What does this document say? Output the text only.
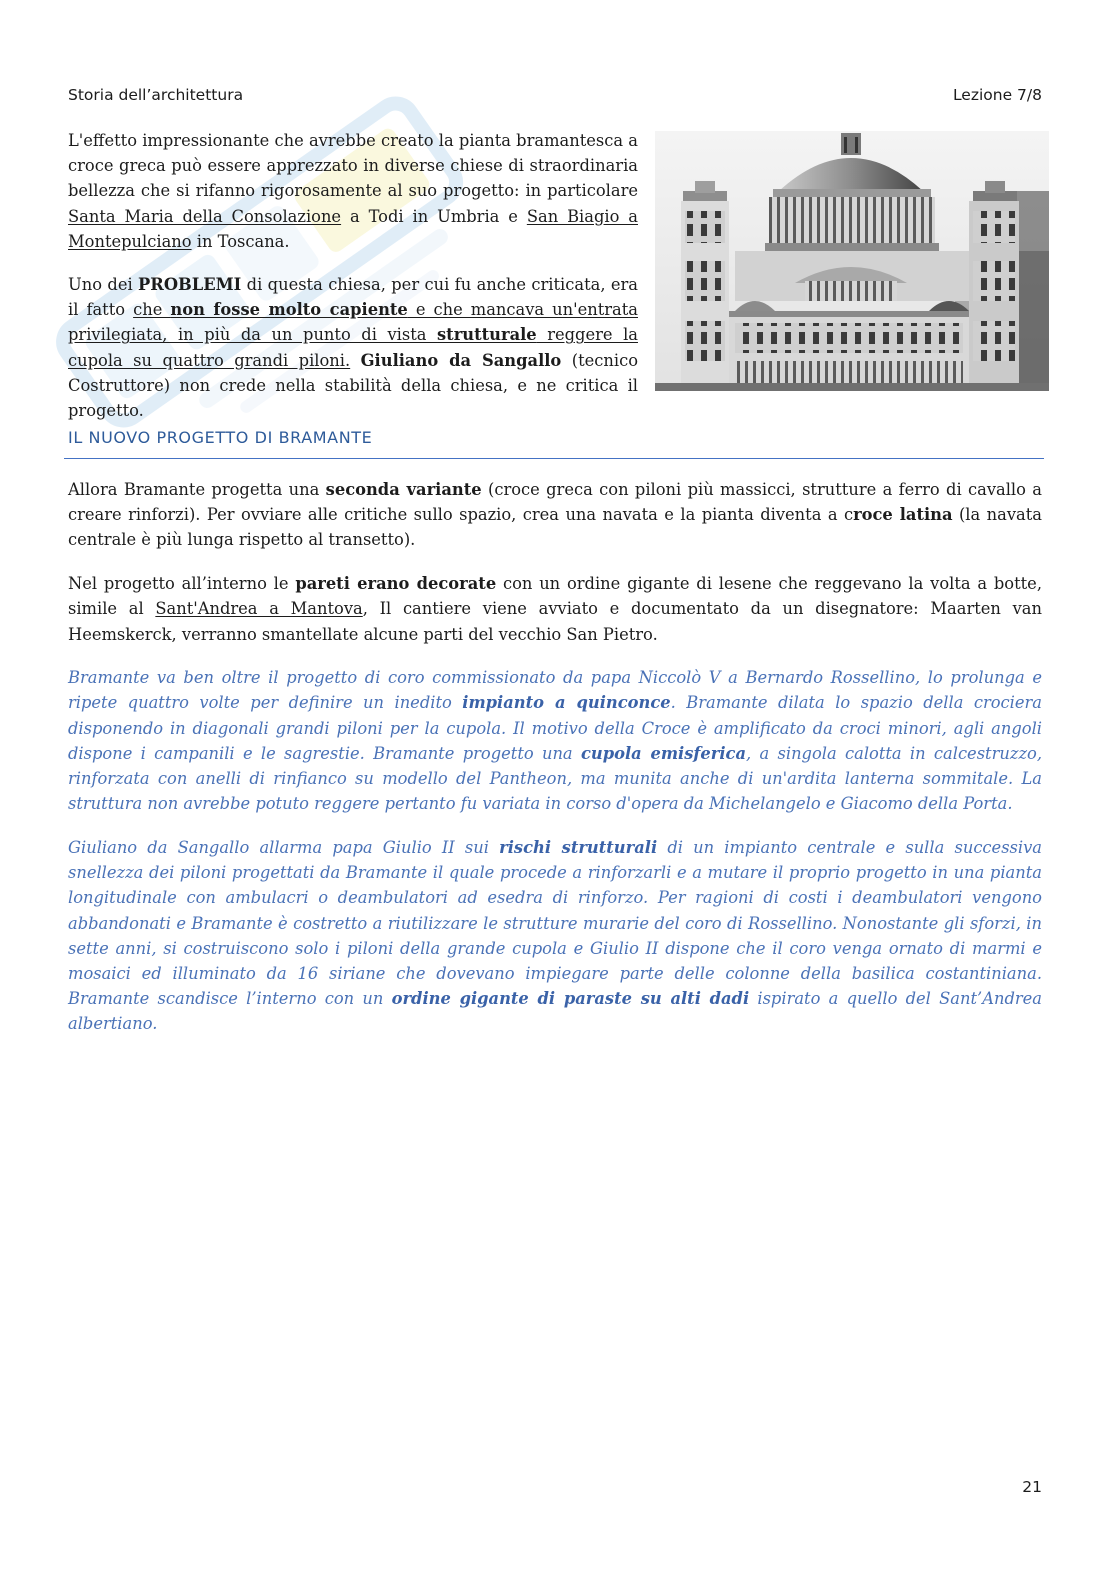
Storia dell’architettura	Lezione 7/8

L'effetto impressionante che avrebbe creato la pianta bramantesca a croce greca può essere apprezzato in diverse chiese di straordinaria bellezza che si rifanno rigorosamente al suo progetto: in particolare Santa Maria della Consolazione a Todi in Umbria e San Biagio a Montepulciano in Toscana.

Uno dei PROBLEMI di questa chiesa, per cui fu anche criticata, era il fatto che non fosse molto capiente e che mancava un'entrata privilegiata, in più da un punto di vista strutturale reggere la cupola su quattro grandi piloni. Giuliano da Sangallo (tecnico Costruttore) non crede nella stabilità della chiesa, e ne critica il progetto.

IL NUOVO PROGETTO DI BRAMANTE

Allora Bramante progetta una seconda variante (croce greca con piloni più massicci, strutture a ferro di cavallo a creare rinforzi). Per ovviare alle critiche sullo spazio, crea una navata e la pianta diventa a croce latina (la navata centrale è più lunga rispetto al transetto).

Nel progetto all’interno le pareti erano decorate con un ordine gigante di lesene che reggevano la volta a botte, simile al Sant'Andrea a Mantova, Il cantiere viene avviato e documentato da un disegnatore: Maarten van Heemskerck, verranno smantellate alcune parti del vecchio San Pietro.

Bramante va ben oltre il progetto di coro commissionato da papa Niccolò V a Bernardo Rossellino, lo prolunga e ripete quattro volte per definire un inedito impianto a quinconce. Bramante dilata lo spazio della crociera disponendo in diagonali grandi piloni per la cupola. Il motivo della Croce è amplificato da croci minori, agli angoli dispone i campanili e le sagrestie. Bramante progetto una cupola emisferica, a singola calotta in calcestruzzo, rinforzata con anelli di rinfianco su modello del Pantheon, ma munita anche di un'ardita lanterna sommitale. La struttura non avrebbe potuto reggere pertanto fu variata in corso d'opera da Michelangelo e Giacomo della Porta.

Giuliano da Sangallo allarma papa Giulio II sui rischi strutturali di un impianto centrale e sulla successiva snellezza dei piloni progettati da Bramante il quale procede a rinforzarli e a mutare il proprio progetto in una pianta longitudinale con ambulacri o deambulatori ad esedra di rinforzo. Per ragioni di costi i deambulatori vengono abbandonati e Bramante è costretto a riutilizzare le strutture murarie del coro di Rossellino. Nonostante gli sforzi, in sette anni, si costruiscono solo i piloni della grande cupola e Giulio II dispone che il coro venga ornato di marmi e mosaici ed illuminato da 16 siriane che dovevano impiegare parte delle colonne della basilica costantiniana. Bramante scandisce l’interno con un ordine gigante di paraste su alti dadi ispirato a quello del Sant’Andrea albertiano.

21
